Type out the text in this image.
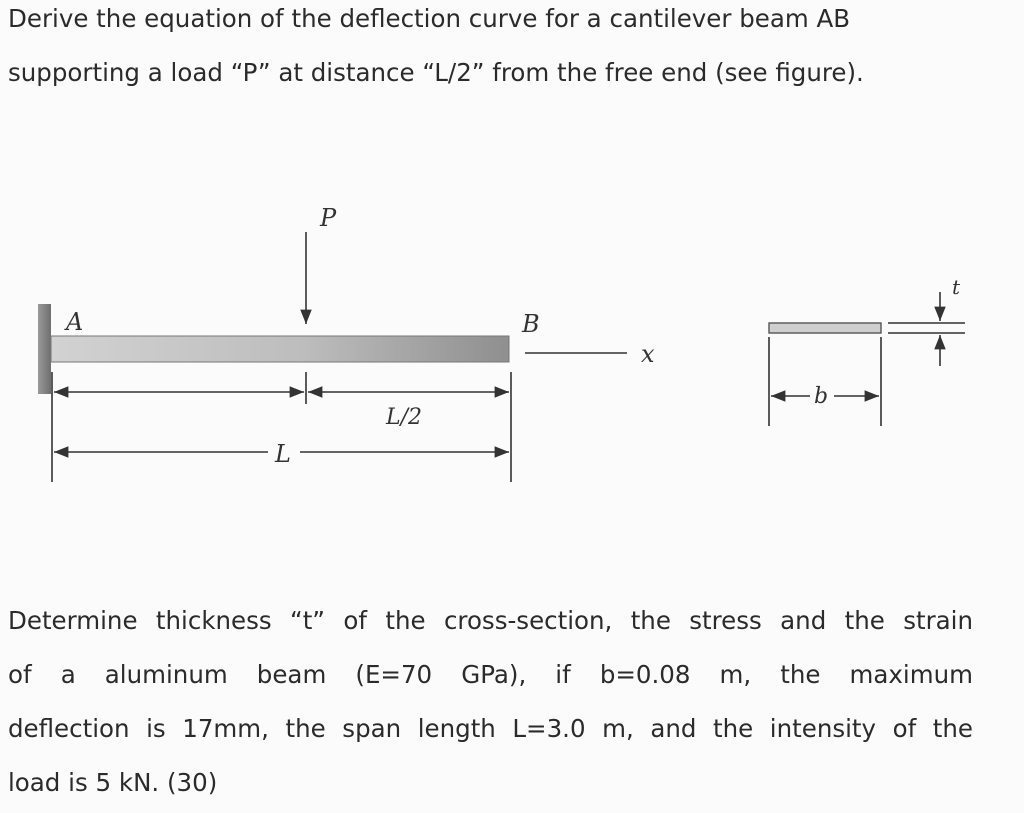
Derive the equation of the deflection curve for a cantilever beam AB
supporting a load “P” at distance “L/2” from the free end (see figure).
P
A	B
x
L/2
L
b
t
Determine thickness “t” of the cross-section, the stress and the strain
of a aluminum beam (E=70 GPa), if b=0.08 m, the maximum
deflection is 17mm, the span length L=3.0 m, and the intensity of the
load is 5 kN. (30)
